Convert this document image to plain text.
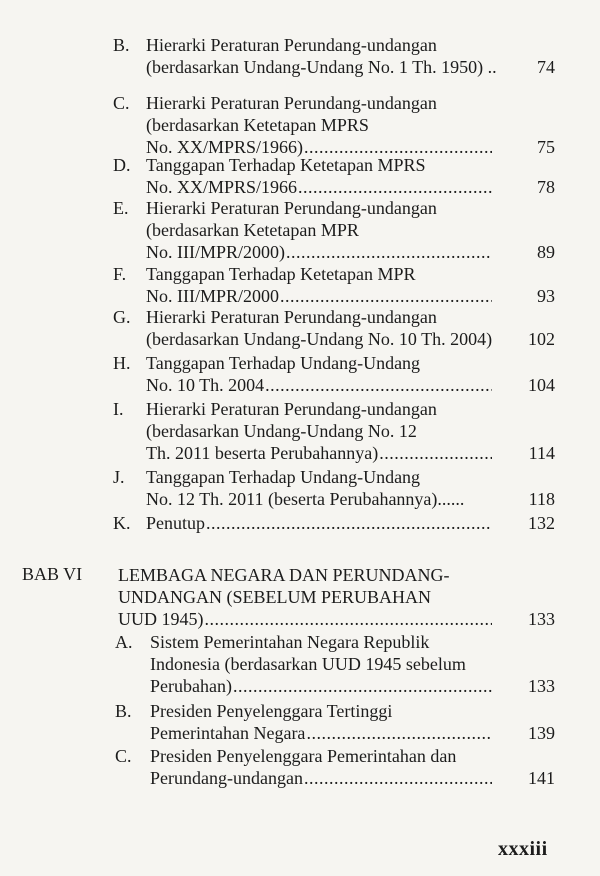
B. Hierarki Peraturan Perundang-undangan
(berdasarkan Undang-Undang No. 1 Th. 1950) ..	74
C. Hierarki Peraturan Perundang-undangan
(berdasarkan Ketetapan MPRS
No. XX/MPRS/1966) .....	75
D. Tanggapan Terhadap Ketetapan MPRS
No. XX/MPRS/1966 .....	78
E. Hierarki Peraturan Perundang-undangan
(berdasarkan Ketetapan MPR
No. III/MPR/2000) .....	89
F.	Tanggapan Terhadap Ketetapan MPR
No. III/MPR/2000 .....	93
G. Hierarki Peraturan Perundang-undangan
(berdasarkan Undang-Undang No. 10 Th. 2004)	102
H. Tanggapan Terhadap Undang-Undang
No. 10 Th. 2004 .....	104
I.	Hierarki Peraturan Perundang-undangan
(berdasarkan Undang-Undang No. 12
Th. 2011 beserta Perubahannya) .....	114
J.	Tanggapan Terhadap Undang-Undang
No. 12 Th. 2011 (beserta Perubahannya)......	118
K. Penutup .....	132
BAB VI LEMBAGA NEGARA DAN PERUNDANG-
UNDANGAN (SEBELUM PERUBAHAN
UUD 1945) .....	133
A. Sistem Pemerintahan Negara Republik
Indonesia (berdasarkan UUD 1945 sebelum
Perubahan) .....	133
B.	Presiden Penyelenggara Tertinggi
Pemerintahan Negara .....	139
C.	Presiden Penyelenggara Pemerintahan dan
Perundang-undangan .....	141
xxxiii
